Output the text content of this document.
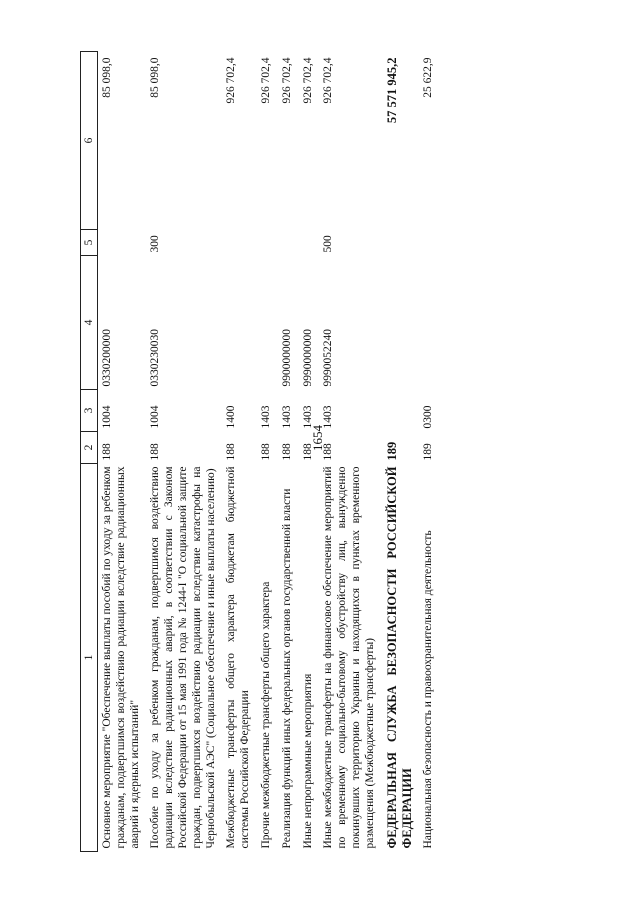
1654
1	2	3	4	5	6
Основное мероприятие "Обеспечение выплаты пособий по уходу за ребенком гражданам, подвергшимся воздействию радиации вследствие радиационных аварий и ядерных испытаний"	188	1004	0330200000		85 098,0
Пособие по уходу за ребенком гражданам, подвергшимся воздействию радиации вследствие радиационных аварий, в соответствии с Законом Российской Федерации от 15 мая 1991 года № 1244-I "О социальной защите граждан, подвергшихся воздействию радиации вследствие катастрофы на Чернобыльской АЭС" (Социальное обеспечение и иные выплаты населению)	188	1004	0330230030	300	85 098,0
Межбюджетные трансферты общего характера бюджетам бюджетной системы Российской Федерации	188	1400			926 702,4
Прочие межбюджетные трансферты общего характера	188	1403			926 702,4
Реализация функций иных федеральных органов государственной власти	188	1403	9900000000		926 702,4
Иные непрограммные мероприятия	188	1403	9990000000		926 702,4
Иные межбюджетные трансферты на финансовое обеспечение мероприятий по временному социально-бытовому обустройству лиц, вынужденно покинувших территорию Украины и находящихся в пунктах временного размещения (Межбюджетные трансферты)	188	1403	9990052240	500	926 702,4
ФЕДЕРАЛЬНАЯ СЛУЖБА БЕЗОПАСНОСТИ РОССИЙСКОЙ ФЕДЕРАЦИИ	189				57 571 945,2
Национальная безопасность и правоохранительная деятельность	189	0300			25 622,9
